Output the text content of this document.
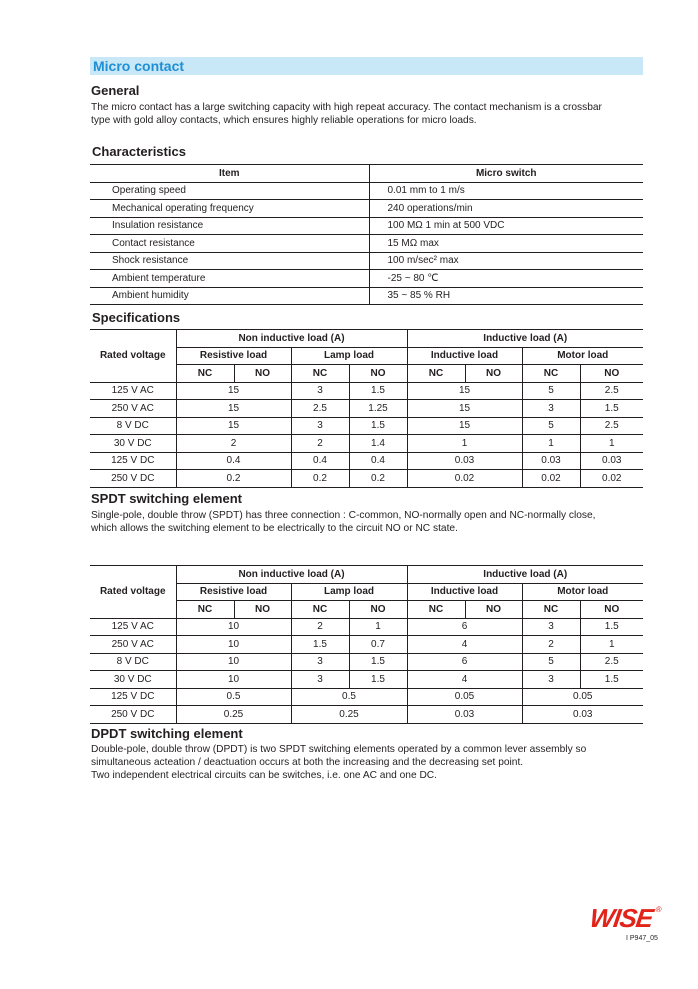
Micro contact
General
The micro contact has a large switching capacity with high repeat accuracy. The contact mechanism is a crossbar
type with gold alloy contacts, which ensures highly reliable operations for micro loads.
Characteristics
Item	Micro switch
Operating speed	0.01 mm to 1 m/s
Mechanical operating frequency	240 operations/min
Insulation resistance	100 MΩ 1 min at 500 VDC
Contact resistance	15 MΩ max
Shock resistance	100 m/sec² max
Ambient temperature	-25 ~ 80 ℃
Ambient humidity	35 ~ 85 % RH
Specifications
Rated voltage	Non inductive load (A)				Inductive load (A)			
	Resistive load		Lamp load		Inductive load		Motor load	
	NC	NO	NC	NO	NC	NO	NC	NO
125 V AC	15		3	1.5	15		5	2.5
250 V AC	15		2.5	1.25	15		3	1.5
8 V DC	15		3	1.5	15		5	2.5
30 V DC	2		2	1.4	1		1	1
125 V DC	0.4		0.4	0.4	0.03		0.03	0.03
250 V DC	0.2		0.2	0.2	0.02		0.02	0.02
SPDT switching element
Single-pole, double throw (SPDT) has three connection : C-common, NO-normally open and NC-normally close,
which allows the switching element to be electrically to the circuit NO or NC state.
Rated voltage	Non inductive load (A)				Inductive load (A)			
	Resistive load		Lamp load		Inductive load		Motor load	
	NC	NO	NC	NO	NC	NO	NC	NO
125 V AC	10		2	1	6		3	1.5
250 V AC	10		1.5	0.7	4		2	1
8 V DC	10		3	1.5	6		5	2.5
30 V DC	10		3	1.5	4		3	1.5
125 V DC	0.5		0.5		0.05		0.05	
250 V DC	0.25		0.25		0.03		0.03	
DPDT switching element
Double-pole, double throw (DPDT) is two SPDT switching elements operated by a common lever assembly so
simultaneous acteation / deactuation occurs at both the increasing and the decreasing set point.
Two independent electrical circuits can be switches, i.e. one AC and one DC.
WISE®
I P947_05
